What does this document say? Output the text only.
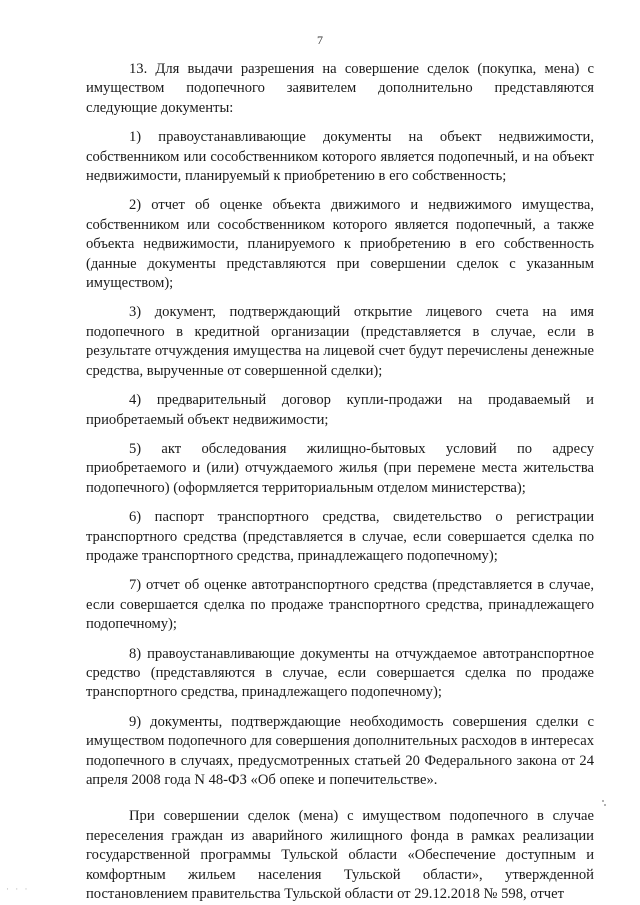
7

13. Для выдачи разрешения на совершение сделок (покупка, мена) с имуществом подопечного заявителем дополнительно представляются следующие документы:

1) правоустанавливающие документы на объект недвижимости, собственником или сособственником которого является подопечный, и на объект недвижимости, планируемый к приобретению в его собственность;

2) отчет об оценке объекта движимого и недвижимого имущества, собственником или сособственником которого является подопечный, а также объекта недвижимости, планируемого к приобретению в его собственность (данные документы представляются при совершении сделок с указанным имуществом);

3) документ, подтверждающий открытие лицевого счета на имя подопечного в кредитной организации (представляется в случае, если в результате отчуждения имущества на лицевой счет будут перечислены денежные средства, вырученные от совершенной сделки);

4) предварительный договор купли-продажи на продаваемый и приобретаемый объект недвижимости;

5) акт обследования жилищно-бытовых условий по адресу приобретаемого и (или) отчуждаемого жилья (при перемене места жительства подопечного) (оформляется территориальным отделом министерства);

6) паспорт транспортного средства, свидетельство о регистрации транспортного средства (представляется в случае, если совершается сделка по продаже транспортного средства, принадлежащего подопечному);

7) отчет об оценке автотранспортного средства (представляется в случае, если совершается сделка по продаже транспортного средства, принадлежащего подопечному);

8) правоустанавливающие документы на отчуждаемое автотранспортное средство (представляются в случае, если совершается сделка по продаже транспортного средства, принадлежащего подопечному);

9) документы, подтверждающие необходимость совершения сделки с имуществом подопечного для совершения дополнительных расходов в интересах подопечного в случаях, предусмотренных статьей 20 Федерального закона от 24 апреля 2008 года N 48-ФЗ «Об опеке и попечительстве».

При совершении сделок (мена) с имуществом подопечного в случае переселения граждан из аварийного жилищного фонда в рамках реализации государственной программы Тульской области «Обеспечение доступным и комфортным жильем населения Тульской области», утвержденной постановлением правительства Тульской области от 29.12.2018 № 598, отчет

· · ·
